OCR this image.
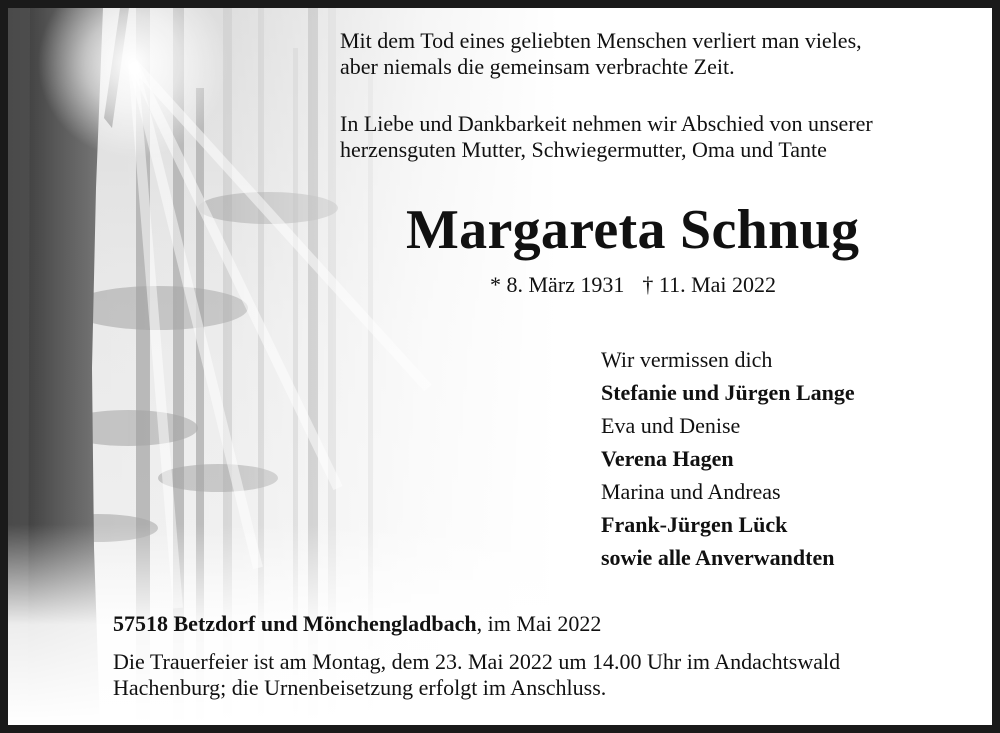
Mit dem Tod eines geliebten Menschen verliert man vieles,
aber niemals die gemeinsam verbrachte Zeit.
In Liebe und Dankbarkeit nehmen wir Abschied von unserer
herzensguten Mutter, Schwiegermutter, Oma und Tante
Margareta Schnug
* 8. März 1931 † 11. Mai 2022
Wir vermissen dich
Stefanie und Jürgen Lange
Eva und Denise
Verena Hagen
Marina und Andreas
Frank-Jürgen Lück
sowie alle Anverwandten
57518 Betzdorf und Mönchengladbach, im Mai 2022
Die Trauerfeier ist am Montag, dem 23. Mai 2022 um 14.00 Uhr im Andachtswald
Hachenburg; die Urnenbeisetzung erfolgt im Anschluss.
